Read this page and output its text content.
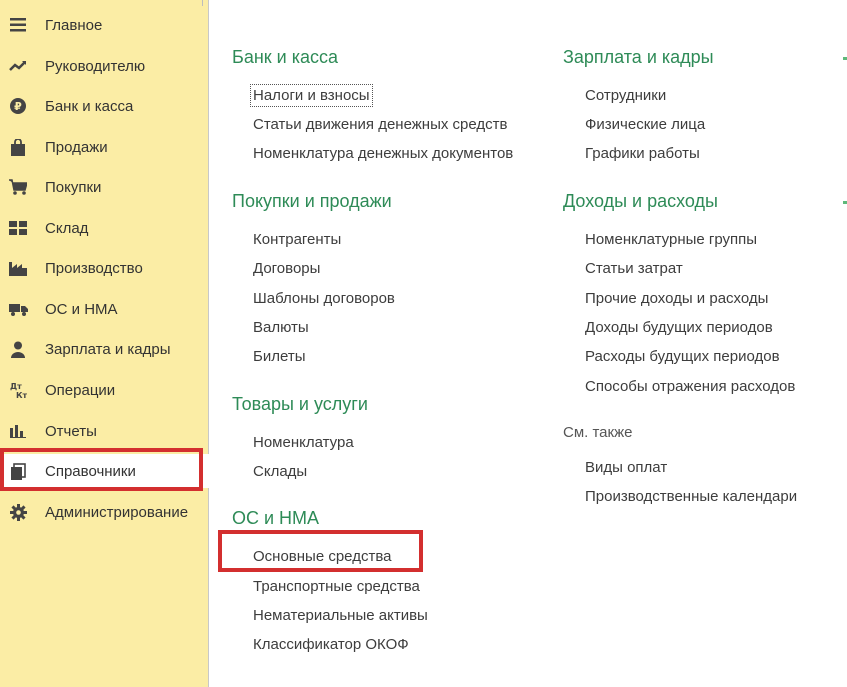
Главное
Руководителю
₽ Банк и касса
Продажи
Покупки
Склад
Производство
ОС и НМА
Зарплата и кадры
Дт
Кт Операции
Отчеты
Справочники
Администрирование
Банк и касса
Налоги и взносы
Статьи движения денежных средств
Номенклатура денежных документов
Покупки и продажи
Контрагенты
Договоры
Шаблоны договоров
Валюты
Билеты
Товары и услуги
Номенклатура
Склады
ОС и НМА
Основные средства
Транспортные средства
Нематериальные активы
Классификатор ОКОФ
Зарплата и кадры
Сотрудники
Физические лица
Графики работы
Доходы и расходы
Номенклатурные группы
Статьи затрат
Прочие доходы и расходы
Доходы будущих периодов
Расходы будущих периодов
Способы отражения расходов
См. также
Виды оплат
Производственные календари
